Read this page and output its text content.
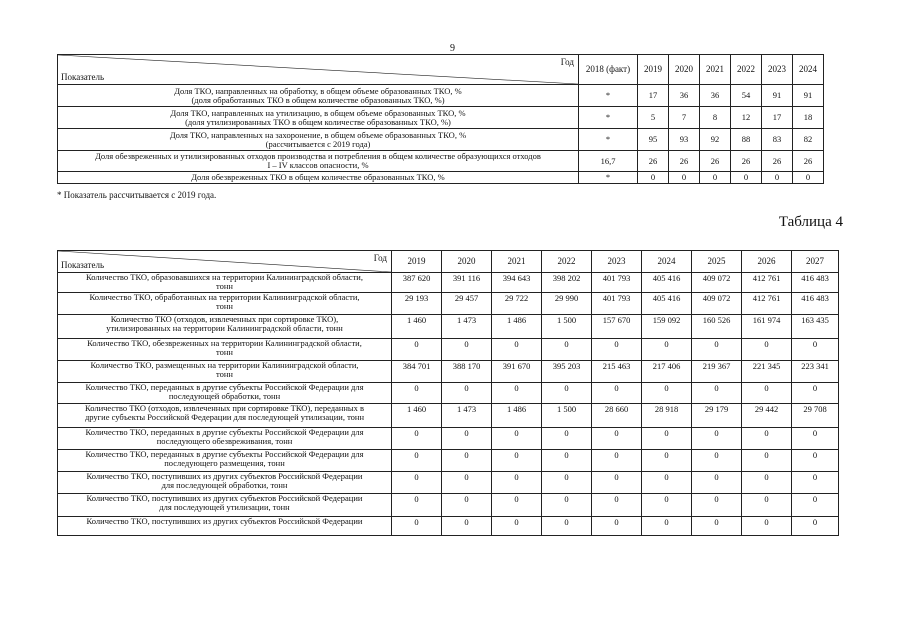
9
Год
Показатель	2018 (факт)	2019	2020	2021	2022	2023	2024
Доля ТКО, направленных на обработку, в общем объеме образованных ТКО, %
(доля обработанных ТКО в общем количестве образованных ТКО, %)	*	17	36	36	54	91	91
Доля ТКО, направленных на утилизацию, в общем объеме образованных ТКО, %
(доля утилизированных ТКО в общем количестве образованных ТКО, %)	*	5	7	8	12	17	18
Доля ТКО, направленных на захоронение, в общем объеме образованных ТКО, %
(рассчитывается с 2019 года)	*	95	93	92	88	83	82
Доля обезвреженных и утилизированных отходов производства и потребления в общем количестве образующихся отходов
I – IV классов опасности, %	16,7	26	26	26	26	26	26
Доля обезвреженных ТКО в общем количестве образованных ТКО, %	*	0	0	0	0	0	0
* Показатель рассчитывается с 2019 года.
Таблица 4
Год
Показатель	2019	2020	2021	2022	2023	2024	2025	2026	2027
Количество ТКО, образовавшихся на территории Калининградской области,
тонн	387 620	391 116	394 643	398 202	401 793	405 416	409 072	412 761	416 483
Количество ТКО, обработанных на территории Калининградской области,
тонн	29 193	29 457	29 722	29 990	401 793	405 416	409 072	412 761	416 483
Количество ТКО (отходов, извлеченных при сортировке ТКО),
утилизированных на территории Калининградской области, тонн	1 460	1 473	1 486	1 500	157 670	159 092	160 526	161 974	163 435
Количество ТКО, обезвреженных на территории Калининградской области,
тонн	0	0	0	0	0	0	0	0	0
Количество ТКО, размещенных на территории Калининградской области,
тонн	384 701	388 170	391 670	395 203	215 463	217 406	219 367	221 345	223 341
Количество ТКО, переданных в другие субъекты Российской Федерации для
последующей обработки, тонн	0	0	0	0	0	0	0	0	0
Количество ТКО (отходов, извлеченных при сортировке ТКО), переданных в
другие субъекты Российской Федерации для последующей утилизации, тонн	1 460	1 473	1 486	1 500	28 660	28 918	29 179	29 442	29 708
Количество ТКО, переданных в другие субъекты Российской Федерации для
последующего обезвреживания, тонн	0	0	0	0	0	0	0	0	0
Количество ТКО, переданных в другие субъекты Российской Федерации для
последующего размещения, тонн	0	0	0	0	0	0	0	0	0
Количество ТКО, поступивших из других субъектов Российской Федерации
для последующей обработки, тонн	0	0	0	0	0	0	0	0	0
Количество ТКО, поступивших из других субъектов Российской Федерации
для последующей утилизации, тонн	0	0	0	0	0	0	0	0	0
Количество ТКО, поступивших из других субъектов Российской Федерации	0	0	0	0	0	0	0	0	0
